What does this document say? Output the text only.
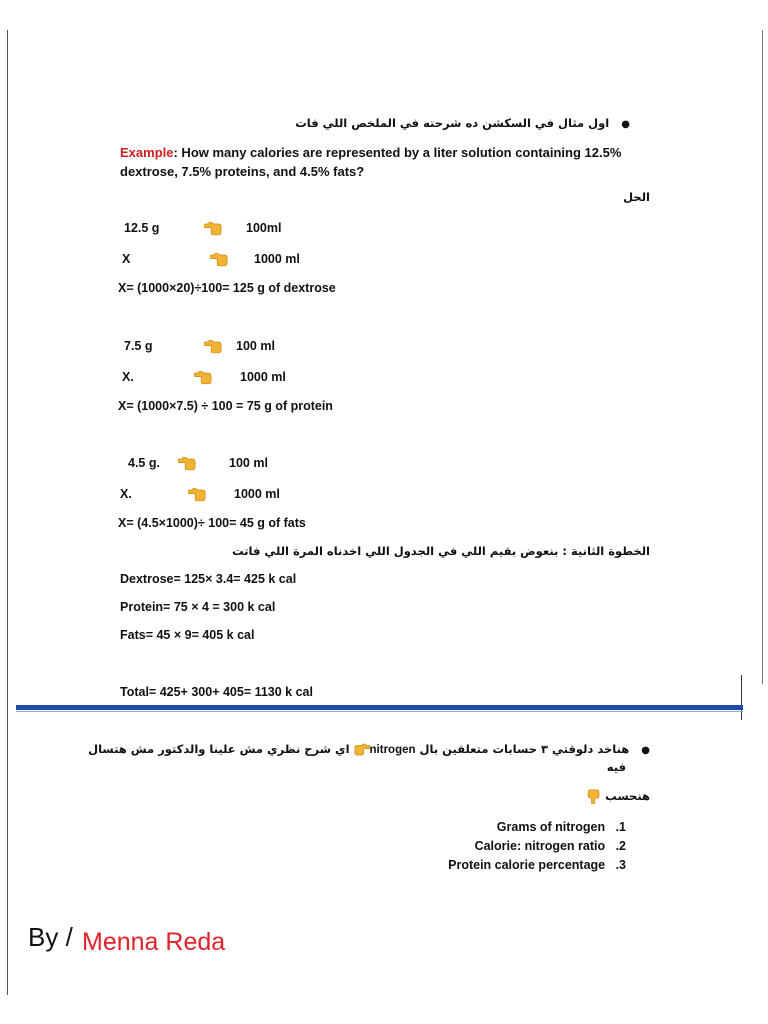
●   اول مثال في السكشن ده شرحته في الملخص اللي فات
Example: How many calories are represented by a liter solution containing 12.5%
dextrose, 7.5% proteins, and 4.5% fats?
الحل
12.5 g	100ml
X	1000 ml
X= (1000×20)÷100= 125 g of dextrose
7.5 g	100 ml
X.	1000 ml
X= (1000×7.5) ÷ 100 = 75 g of protein
4.5 g.	100 ml
X.	1000 ml
X= (4.5×1000)÷ 100= 45 g of fats
الخطوة الثانية : بنعوض بقيم اللي في الجدول اللي اخدناه المرة اللي فاتت
Dextrose= 125× 3.4= 425 k cal
Protein= 75 × 4 = 300 k cal
Fats= 45 × 9= 405 k cal
Total= 425+ 300+ 405= 1130 k cal
●   هناخد دلوقتي ٣ حسابات متعلقين بال nitrogen اي شرح نظري مش علينا والدكتور مش هتسال
فيه
هنحسب
Grams of nitrogen .1
Calorie: nitrogen ratio .2
Protein calorie percentage .3
By / Menna Reda
